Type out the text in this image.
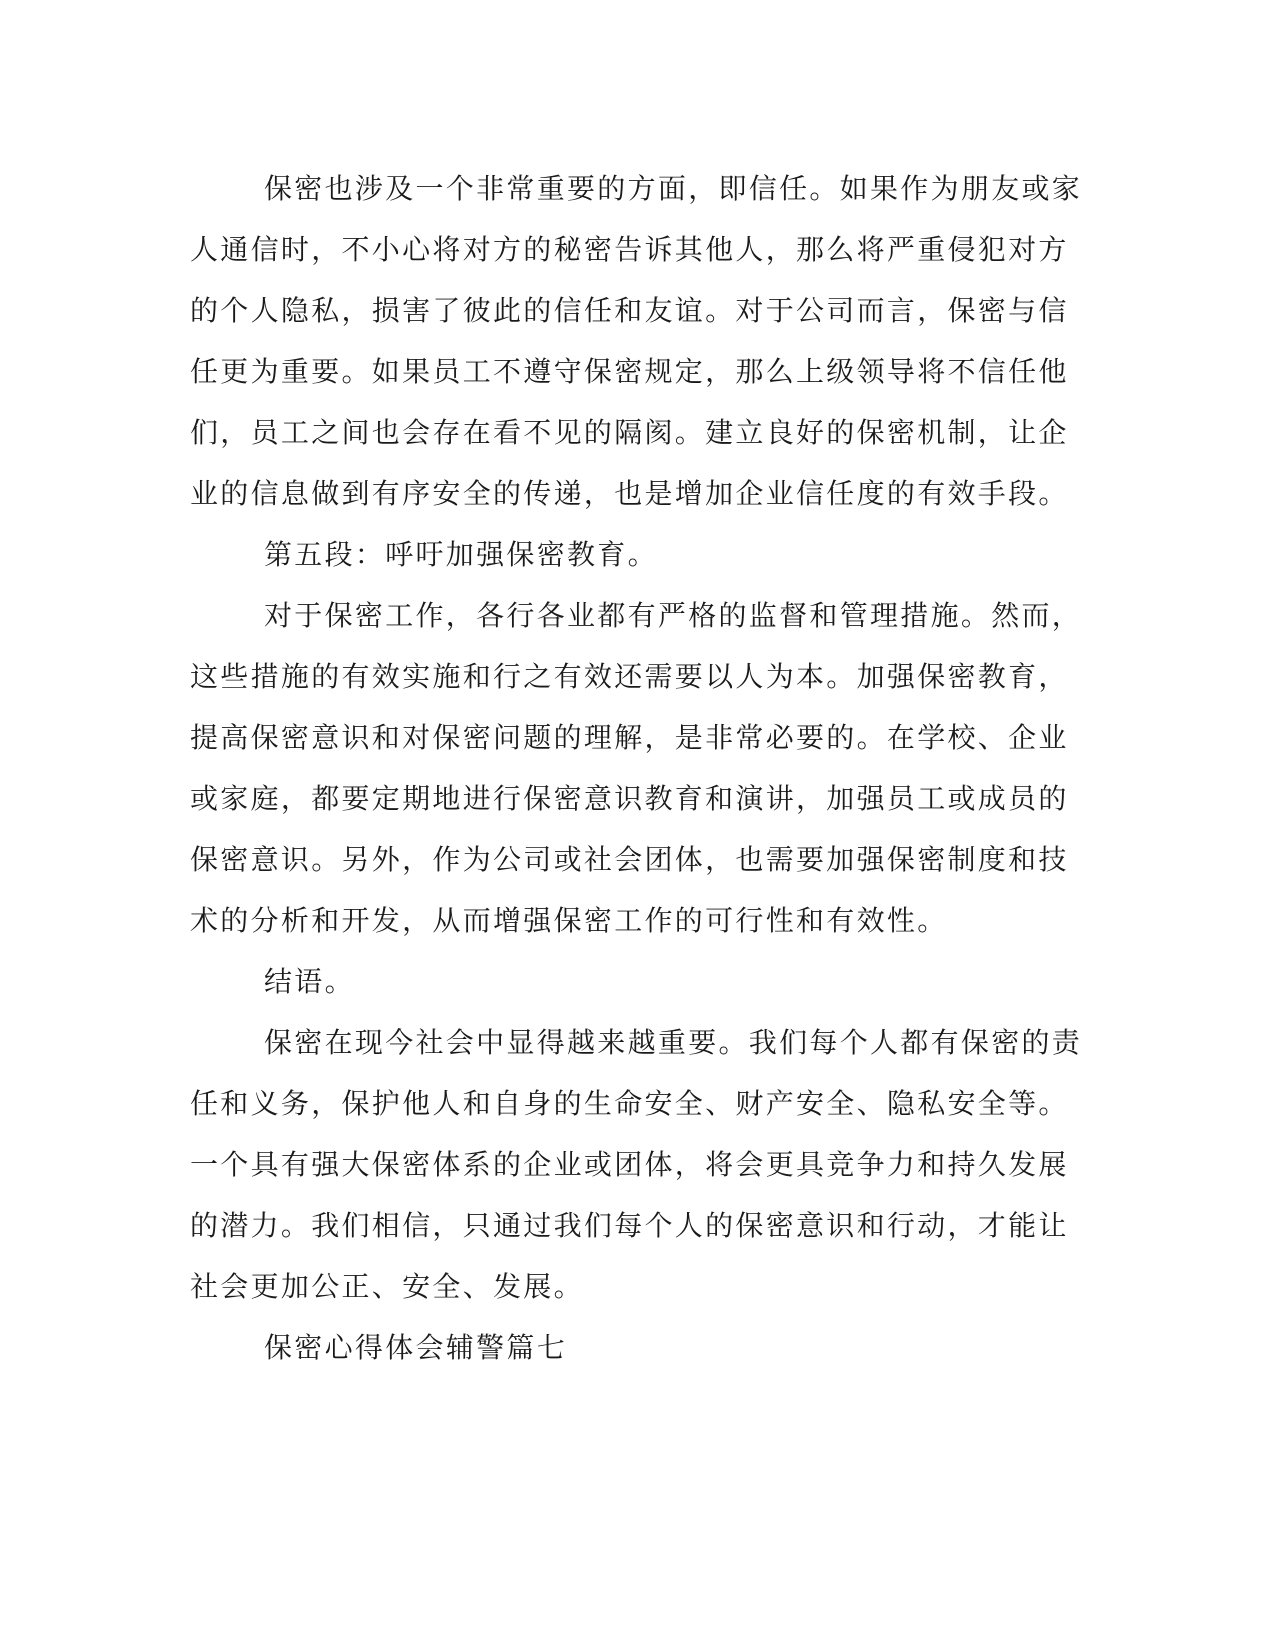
保密也涉及一个非常重要的方面，即信任。如果作为朋友或家人通信时，不小心将对方的秘密告诉其他人，那么将严重侵犯对方的个人隐私，损害了彼此的信任和友谊。对于公司而言，保密与信任更为重要。如果员工不遵守保密规定，那么上级领导将不信任他们，员工之间也会存在看不见的隔阂。建立良好的保密机制，让企业的信息做到有序安全的传递，也是增加企业信任度的有效手段。

第五段：呼吁加强保密教育。

对于保密工作，各行各业都有严格的监督和管理措施。然而，这些措施的有效实施和行之有效还需要以人为本。加强保密教育，提高保密意识和对保密问题的理解，是非常必要的。在学校、企业或家庭，都要定期地进行保密意识教育和演讲，加强员工或成员的保密意识。另外，作为公司或社会团体，也需要加强保密制度和技术的分析和开发，从而增强保密工作的可行性和有效性。

结语。

保密在现今社会中显得越来越重要。我们每个人都有保密的责任和义务，保护他人和自身的生命安全、财产安全、隐私安全等。一个具有强大保密体系的企业或团体，将会更具竞争力和持久发展的潜力。我们相信，只通过我们每个人的保密意识和行动，才能让社会更加公正、安全、发展。

保密心得体会辅警篇七
